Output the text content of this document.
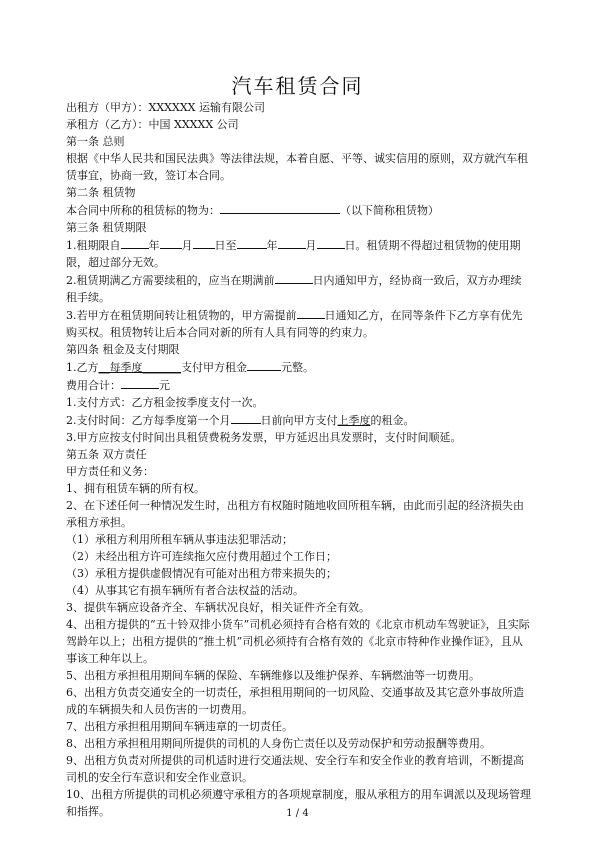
汽车租赁合同

出租方（甲方）：XXXXXX 运输有限公司

承租方（乙方）：中国 XXXXX 公司

第一条 总则

根据《中华人民共和国民法典》等法律法规，本着自愿、平等、诚实信用的原则，双方就汽车租赁事宜，协商一致，签订本合同。

第二条 租赁物

本合同中所称的租赁标的物为：	（以下简称租赁物）

第三条 租赁期限

1.租期限自	年 月 日至	年	月	日。租赁期不得超过租赁物的使用期限，超过部分无效。

2.租赁期满乙方需要续租的，应当在期满前	日内通知甲方，经协商一致后，双方办理续租手续。

3.若甲方在租赁期间转让租赁物的，甲方需提前	日通知乙方，在同等条件下乙方享有优先购买权。租赁物转让后本合同对新的所有人具有同等的约束力。

第四条 租金及支付期限

1.乙方__每季度_______支付甲方租金	元整。

费用合计：	元

1.支付方式：乙方租金按季度支付一次。

2.支付时间：乙方每季度第一个月	日前向甲方支付上季度的租金。

3.甲方应按支付时间出具租赁费税务发票，甲方延迟出具发票时，支付时间顺延。

第五条 双方责任

甲方责任和义务：

1、拥有租赁车辆的所有权。

2、在下述任何一种情况发生时，出租方有权随时随地收回所租车辆，由此而引起的经济损失由承租方承担。

（1）承租方利用所租车辆从事违法犯罪活动；

（2）未经出租方许可连续拖欠应付费用超过个工作日；

（3）承租方提供虚假情况有可能对出租方带来损失的；

（4）从事其它有损车辆所有者合法权益的活动。

3、提供车辆应设备齐全、车辆状况良好，相关证件齐全有效。

4、出租方提供的“五十铃双排小货车”司机必须持有合格有效的《北京市机动车驾驶证》，且实际驾龄年以上；出租方提供的“推土机”司机必须持有合格有效的《北京市特种作业操作证》，且从事该工种年以上。

5、出租方承担租用期间车辆的保险、车辆维修以及维护保养、车辆燃油等一切费用。

6、出租方负责交通安全的一切责任，承担租用期间的一切风险、交通事故及其它意外事故所造成的车辆损失和人员伤害的一切费用。

7、出租方承担租用期间车辆违章的一切责任。

8、出租方承担租用期间所提供的司机的人身伤亡责任以及劳动保护和劳动报酬等费用。

9、出租方负责对所提供的司机适时进行交通法规、安全行车和安全作业的教育培训，不断提高司机的安全行车意识和安全作业意识。

10、出租方所提供的司机必须遵守承租方的各项规章制度，服从承租方的用车调派以及现场管理和指挥。	1 / 4
